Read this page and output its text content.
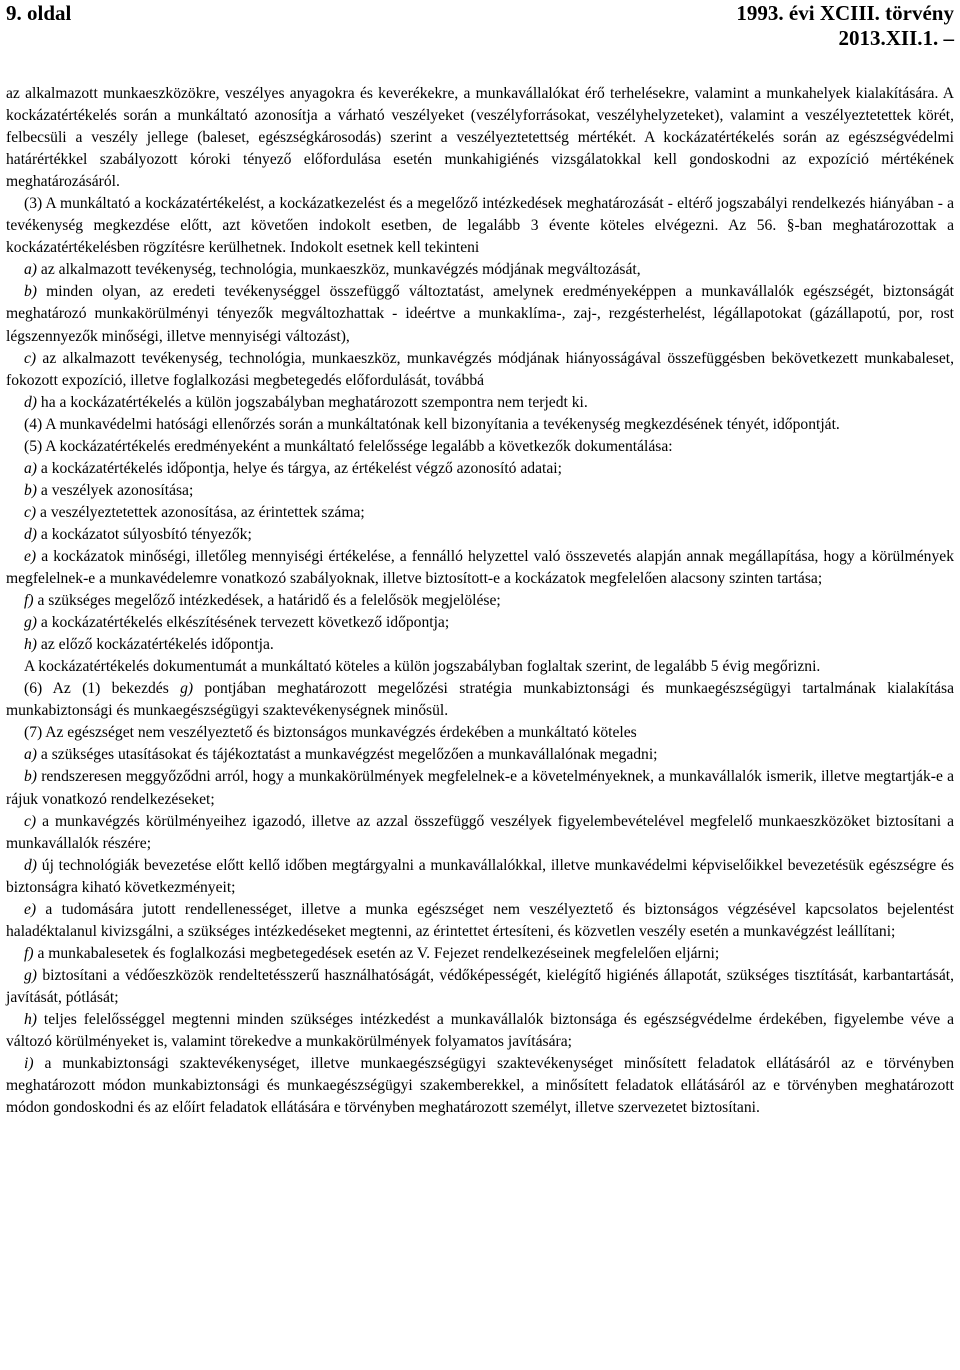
9. oldal	1993. évi XCIII. törvény
2013.XII.1. –

az alkalmazott munkaeszközökre, veszélyes anyagokra és keverékekre, a munkavállalókat érő terhelésekre, valamint a munkahelyek kialakítására. A kockázatértékelés során a munkáltató azonosítja a várható veszélyeket (veszélyforrásokat, veszélyhelyzeteket), valamint a veszélyeztetettek körét, felbecsüli a veszély jellege (baleset, egészségkárosodás) szerint a veszélyeztetettség mértékét. A kockázatértékelés során az egészségvédelmi határértékkel szabályozott kóroki tényező előfordulása esetén munkahigiénés vizsgálatokkal kell gondoskodni az expozíció mértékének meghatározásáról.

(3) A munkáltató a kockázatértékelést, a kockázatkezelést és a megelőző intézkedések meghatározását - eltérő jogszabályi rendelkezés hiányában - a tevékenység megkezdése előtt, azt követően indokolt esetben, de legalább 3 évente köteles elvégezni. Az 56. §-ban meghatározottak a kockázatértékelésben rögzítésre kerülhetnek. Indokolt esetnek kell tekinteni

a) az alkalmazott tevékenység, technológia, munkaeszköz, munkavégzés módjának megváltozását,

b) minden olyan, az eredeti tevékenységgel összefüggő változtatást, amelynek eredményeképpen a munkavállalók egészségét, biztonságát meghatározó munkakörülményi tényezők megváltozhattak - ideértve a munkaklíma-, zaj-, rezgésterhelést, légállapotokat (gázállapotú, por, rost légszennyezők minőségi, illetve mennyiségi változást),

c) az alkalmazott tevékenység, technológia, munkaeszköz, munkavégzés módjának hiányosságával összefüggésben bekövetkezett munkabaleset, fokozott expozíció, illetve foglalkozási megbetegedés előfordulását, továbbá

d) ha a kockázatértékelés a külön jogszabályban meghatározott szempontra nem terjedt ki.

(4) A munkavédelmi hatósági ellenőrzés során a munkáltatónak kell bizonyítania a tevékenység megkezdésének tényét, időpontját.

(5) A kockázatértékelés eredményeként a munkáltató felelőssége legalább a következők dokumentálása:

a) a kockázatértékelés időpontja, helye és tárgya, az értékelést végző azonosító adatai;

b) a veszélyek azonosítása;

c) a veszélyeztetettek azonosítása, az érintettek száma;

d) a kockázatot súlyosbító tényezők;

e) a kockázatok minőségi, illetőleg mennyiségi értékelése, a fennálló helyzettel való összevetés alapján annak megállapítása, hogy a körülmények megfelelnek-e a munkavédelemre vonatkozó szabályoknak, illetve biztosított-e a kockázatok megfelelően alacsony szinten tartása;

f) a szükséges megelőző intézkedések, a határidő és a felelősök megjelölése;

g) a kockázatértékelés elkészítésének tervezett következő időpontja;

h) az előző kockázatértékelés időpontja.

A kockázatértékelés dokumentumát a munkáltató köteles a külön jogszabályban foglaltak szerint, de legalább 5 évig megőrizni.

(6) Az (1) bekezdés g) pontjában meghatározott megelőzési stratégia munkabiztonsági és munkaegészségügyi tartalmának kialakítása munkabiztonsági és munkaegészségügyi szaktevékenységnek minősül.

(7) Az egészséget nem veszélyeztető és biztonságos munkavégzés érdekében a munkáltató köteles

a) a szükséges utasításokat és tájékoztatást a munkavégzést megelőzően a munkavállalónak megadni;

b) rendszeresen meggyőződni arról, hogy a munkakörülmények megfelelnek-e a követelményeknek, a munkavállalók ismerik, illetve megtartják-e a rájuk vonatkozó rendelkezéseket;

c) a munkavégzés körülményeihez igazodó, illetve az azzal összefüggő veszélyek figyelembevételével megfelelő munkaeszközöket biztosítani a munkavállalók részére;

d) új technológiák bevezetése előtt kellő időben megtárgyalni a munkavállalókkal, illetve munkavédelmi képviselőikkel bevezetésük egészségre és biztonságra kiható következményeit;

e) a tudomására jutott rendellenességet, illetve a munka egészséget nem veszélyeztető és biztonságos végzésével kapcsolatos bejelentést haladéktalanul kivizsgálni, a szükséges intézkedéseket megtenni, az érintettet értesíteni, és közvetlen veszély esetén a munkavégzést leállítani;

f) a munkabalesetek és foglalkozási megbetegedések esetén az V. Fejezet rendelkezéseinek megfelelően eljárni;

g) biztosítani a védőeszközök rendeltetésszerű használhatóságát, védőképességét, kielégítő higiénés állapotát, szükséges tisztítását, karbantartását, javítását, pótlását;

h) teljes felelősséggel megtenni minden szükséges intézkedést a munkavállalók biztonsága és egészségvédelme érdekében, figyelembe véve a változó körülményeket is, valamint törekedve a munkakörülmények folyamatos javítására;

i) a munkabiztonsági szaktevékenységet, illetve munkaegészségügyi szaktevékenységet minősített feladatok ellátásáról az e törvényben meghatározott módon munkabiztonsági és munkaegészségügyi szakemberekkel, a minősített feladatok ellátásáról az e törvényben meghatározott módon gondoskodni és az előírt feladatok ellátására e törvényben meghatározott személyt, illetve szervezetet biztosítani.
